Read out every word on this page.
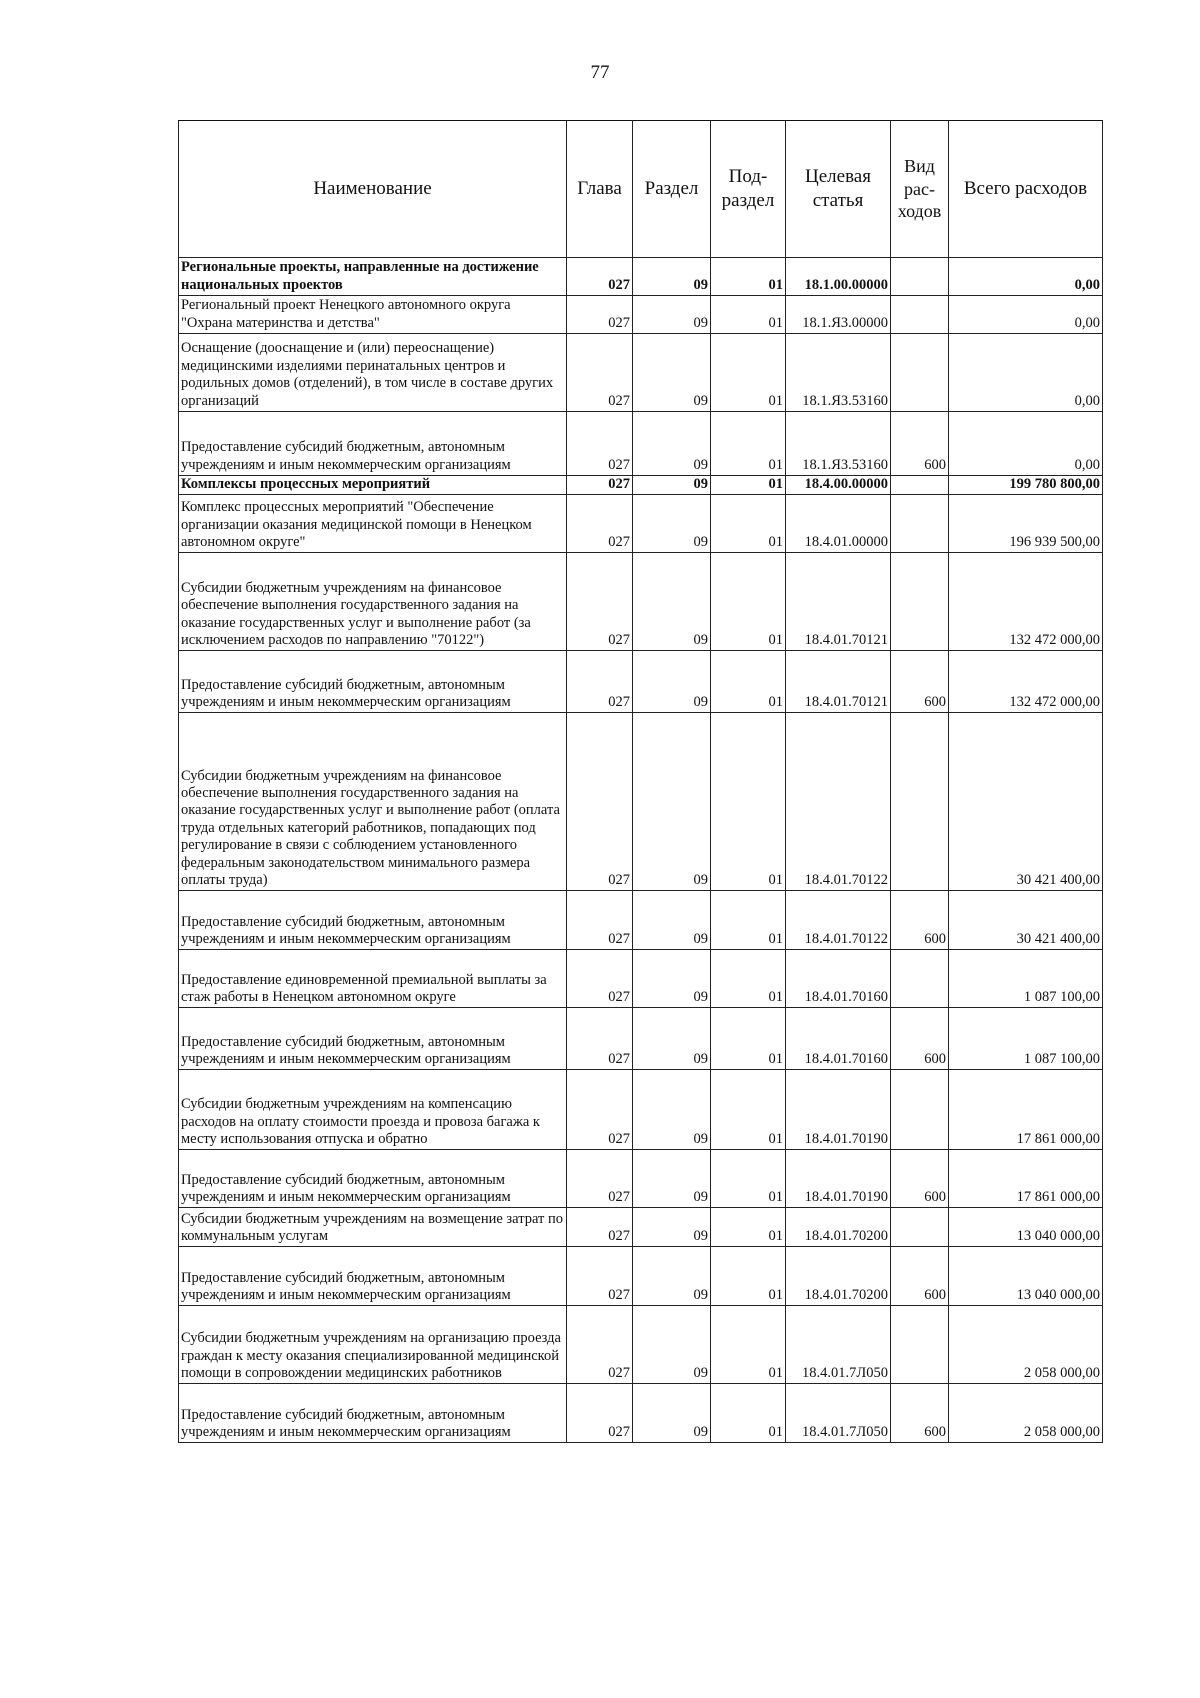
77
Наименование	Глава	Раздел	Под- раздел	Целевая статья	Вид рас- ходов	Всего расходов
Региональные проекты, направленные на достижение национальных проектов	027	09	01	18.1.00.00000		0,00
Региональный проект Ненецкого автономного округа "Охрана материнства и детства"	027	09	01	18.1.Я3.00000		0,00
Оснащение (дооснащение и (или) переоснащение) медицинскими изделиями перинатальных центров и родильных домов (отделений), в том числе в составе других организаций	027	09	01	18.1.Я3.53160		0,00
Предоставление субсидий бюджетным, автономным учреждениям и иным некоммерческим организациям	027	09	01	18.1.Я3.53160	600	0,00
Комплексы процессных мероприятий	027	09	01	18.4.00.00000		199 780 800,00
Комплекс процессных мероприятий "Обеспечение организации оказания медицинской помощи в Ненецком автономном округе"	027	09	01	18.4.01.00000		196 939 500,00
Субсидии бюджетным учреждениям на финансовое обеспечение выполнения государственного задания на оказание государственных услуг и выполнение работ (за исключением расходов по направлению "70122")	027	09	01	18.4.01.70121		132 472 000,00
Предоставление субсидий бюджетным, автономным учреждениям и иным некоммерческим организациям	027	09	01	18.4.01.70121	600	132 472 000,00
Субсидии бюджетным учреждениям на финансовое обеспечение выполнения государственного задания на оказание государственных услуг и выполнение работ (оплата труда отдельных категорий работников, попадающих под регулирование в связи с соблюдением установленного федеральным законодательством минимального размера оплаты труда)	027	09	01	18.4.01.70122		30 421 400,00
Предоставление субсидий бюджетным, автономным учреждениям и иным некоммерческим организациям	027	09	01	18.4.01.70122	600	30 421 400,00
Предоставление единовременной премиальной выплаты за стаж работы в Ненецком автономном округе	027	09	01	18.4.01.70160		1 087 100,00
Предоставление субсидий бюджетным, автономным учреждениям и иным некоммерческим организациям	027	09	01	18.4.01.70160	600	1 087 100,00
Субсидии бюджетным учреждениям на компенсацию расходов на оплату стоимости проезда и провоза багажа к месту использования отпуска и обратно	027	09	01	18.4.01.70190		17 861 000,00
Предоставление субсидий бюджетным, автономным учреждениям и иным некоммерческим организациям	027	09	01	18.4.01.70190	600	17 861 000,00
Субсидии бюджетным учреждениям на возмещение затрат по коммунальным услугам	027	09	01	18.4.01.70200		13 040 000,00
Предоставление субсидий бюджетным, автономным учреждениям и иным некоммерческим организациям	027	09	01	18.4.01.70200	600	13 040 000,00
Субсидии бюджетным учреждениям на организацию проезда граждан к месту оказания специализированной медицинской помощи в сопровождении медицинских работников	027	09	01	18.4.01.7Л050		2 058 000,00
Предоставление субсидий бюджетным, автономным учреждениям и иным некоммерческим организациям	027	09	01	18.4.01.7Л050	600	2 058 000,00
